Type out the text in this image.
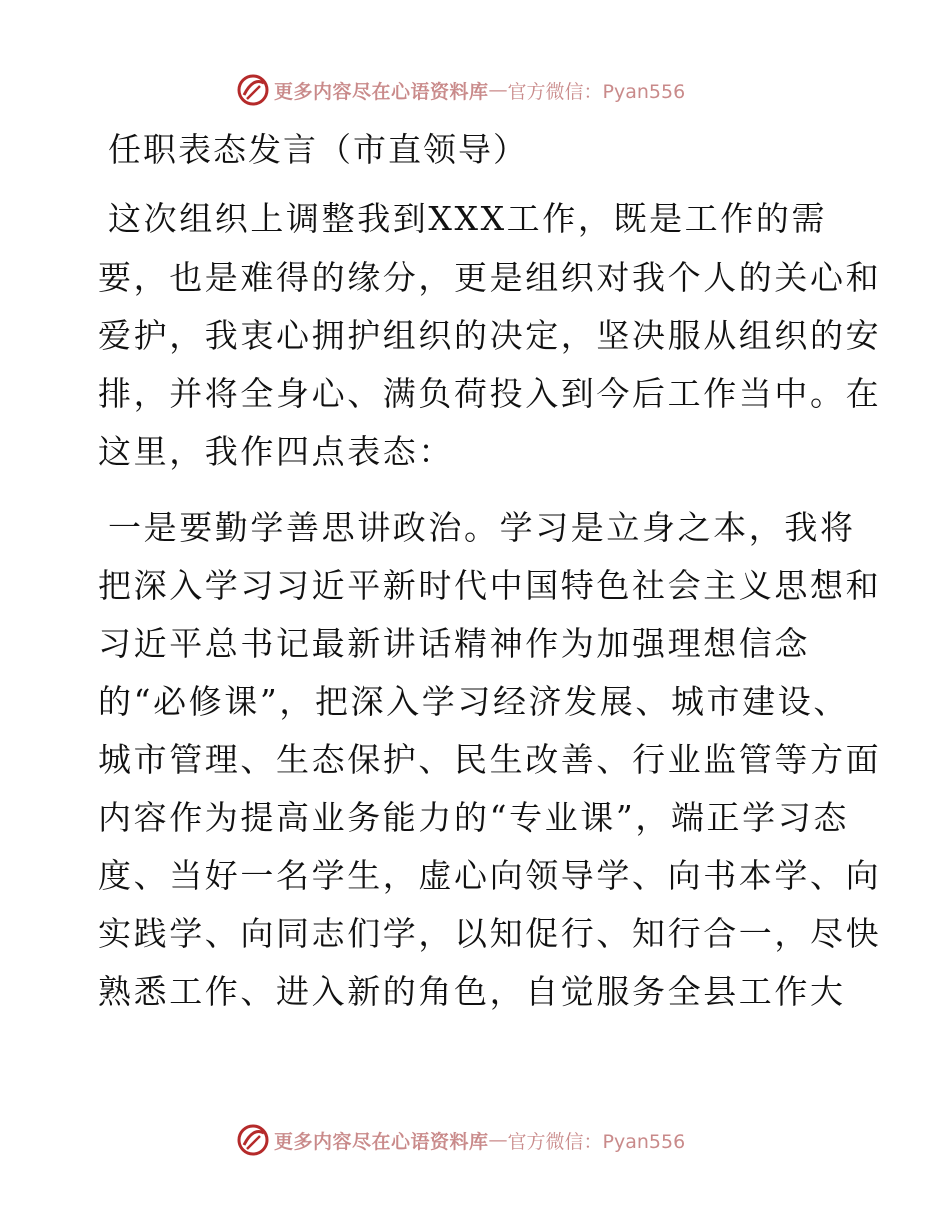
更多内容尽在心语资料库 — 官方微信：Pyan556
任职表态发言（市直领导）
这次组织上调整我到XXX工作，既是工作的需
要，也是难得的缘分，更是组织对我个人的关心和
爱护，我衷心拥护组织的决定，坚决服从组织的安
排，并将全身心、满负荷投入到今后工作当中。在
这里，我作四点表态：
一是要勤学善思讲政治。学习是立身之本，我将
把深入学习习近平新时代中国特色社会主义思想和
习近平总书记最新讲话精神作为加强理想信念
的“必修课”，把深入学习经济发展、城市建设、
城市管理、生态保护、民生改善、行业监管等方面
内容作为提高业务能力的“专业课”，端正学习态
度、当好一名学生，虚心向领导学、向书本学、向
实践学、向同志们学，以知促行、知行合一，尽快
熟悉工作、进入新的角色，自觉服务全县工作大
更多内容尽在心语资料库 — 官方微信：Pyan556
